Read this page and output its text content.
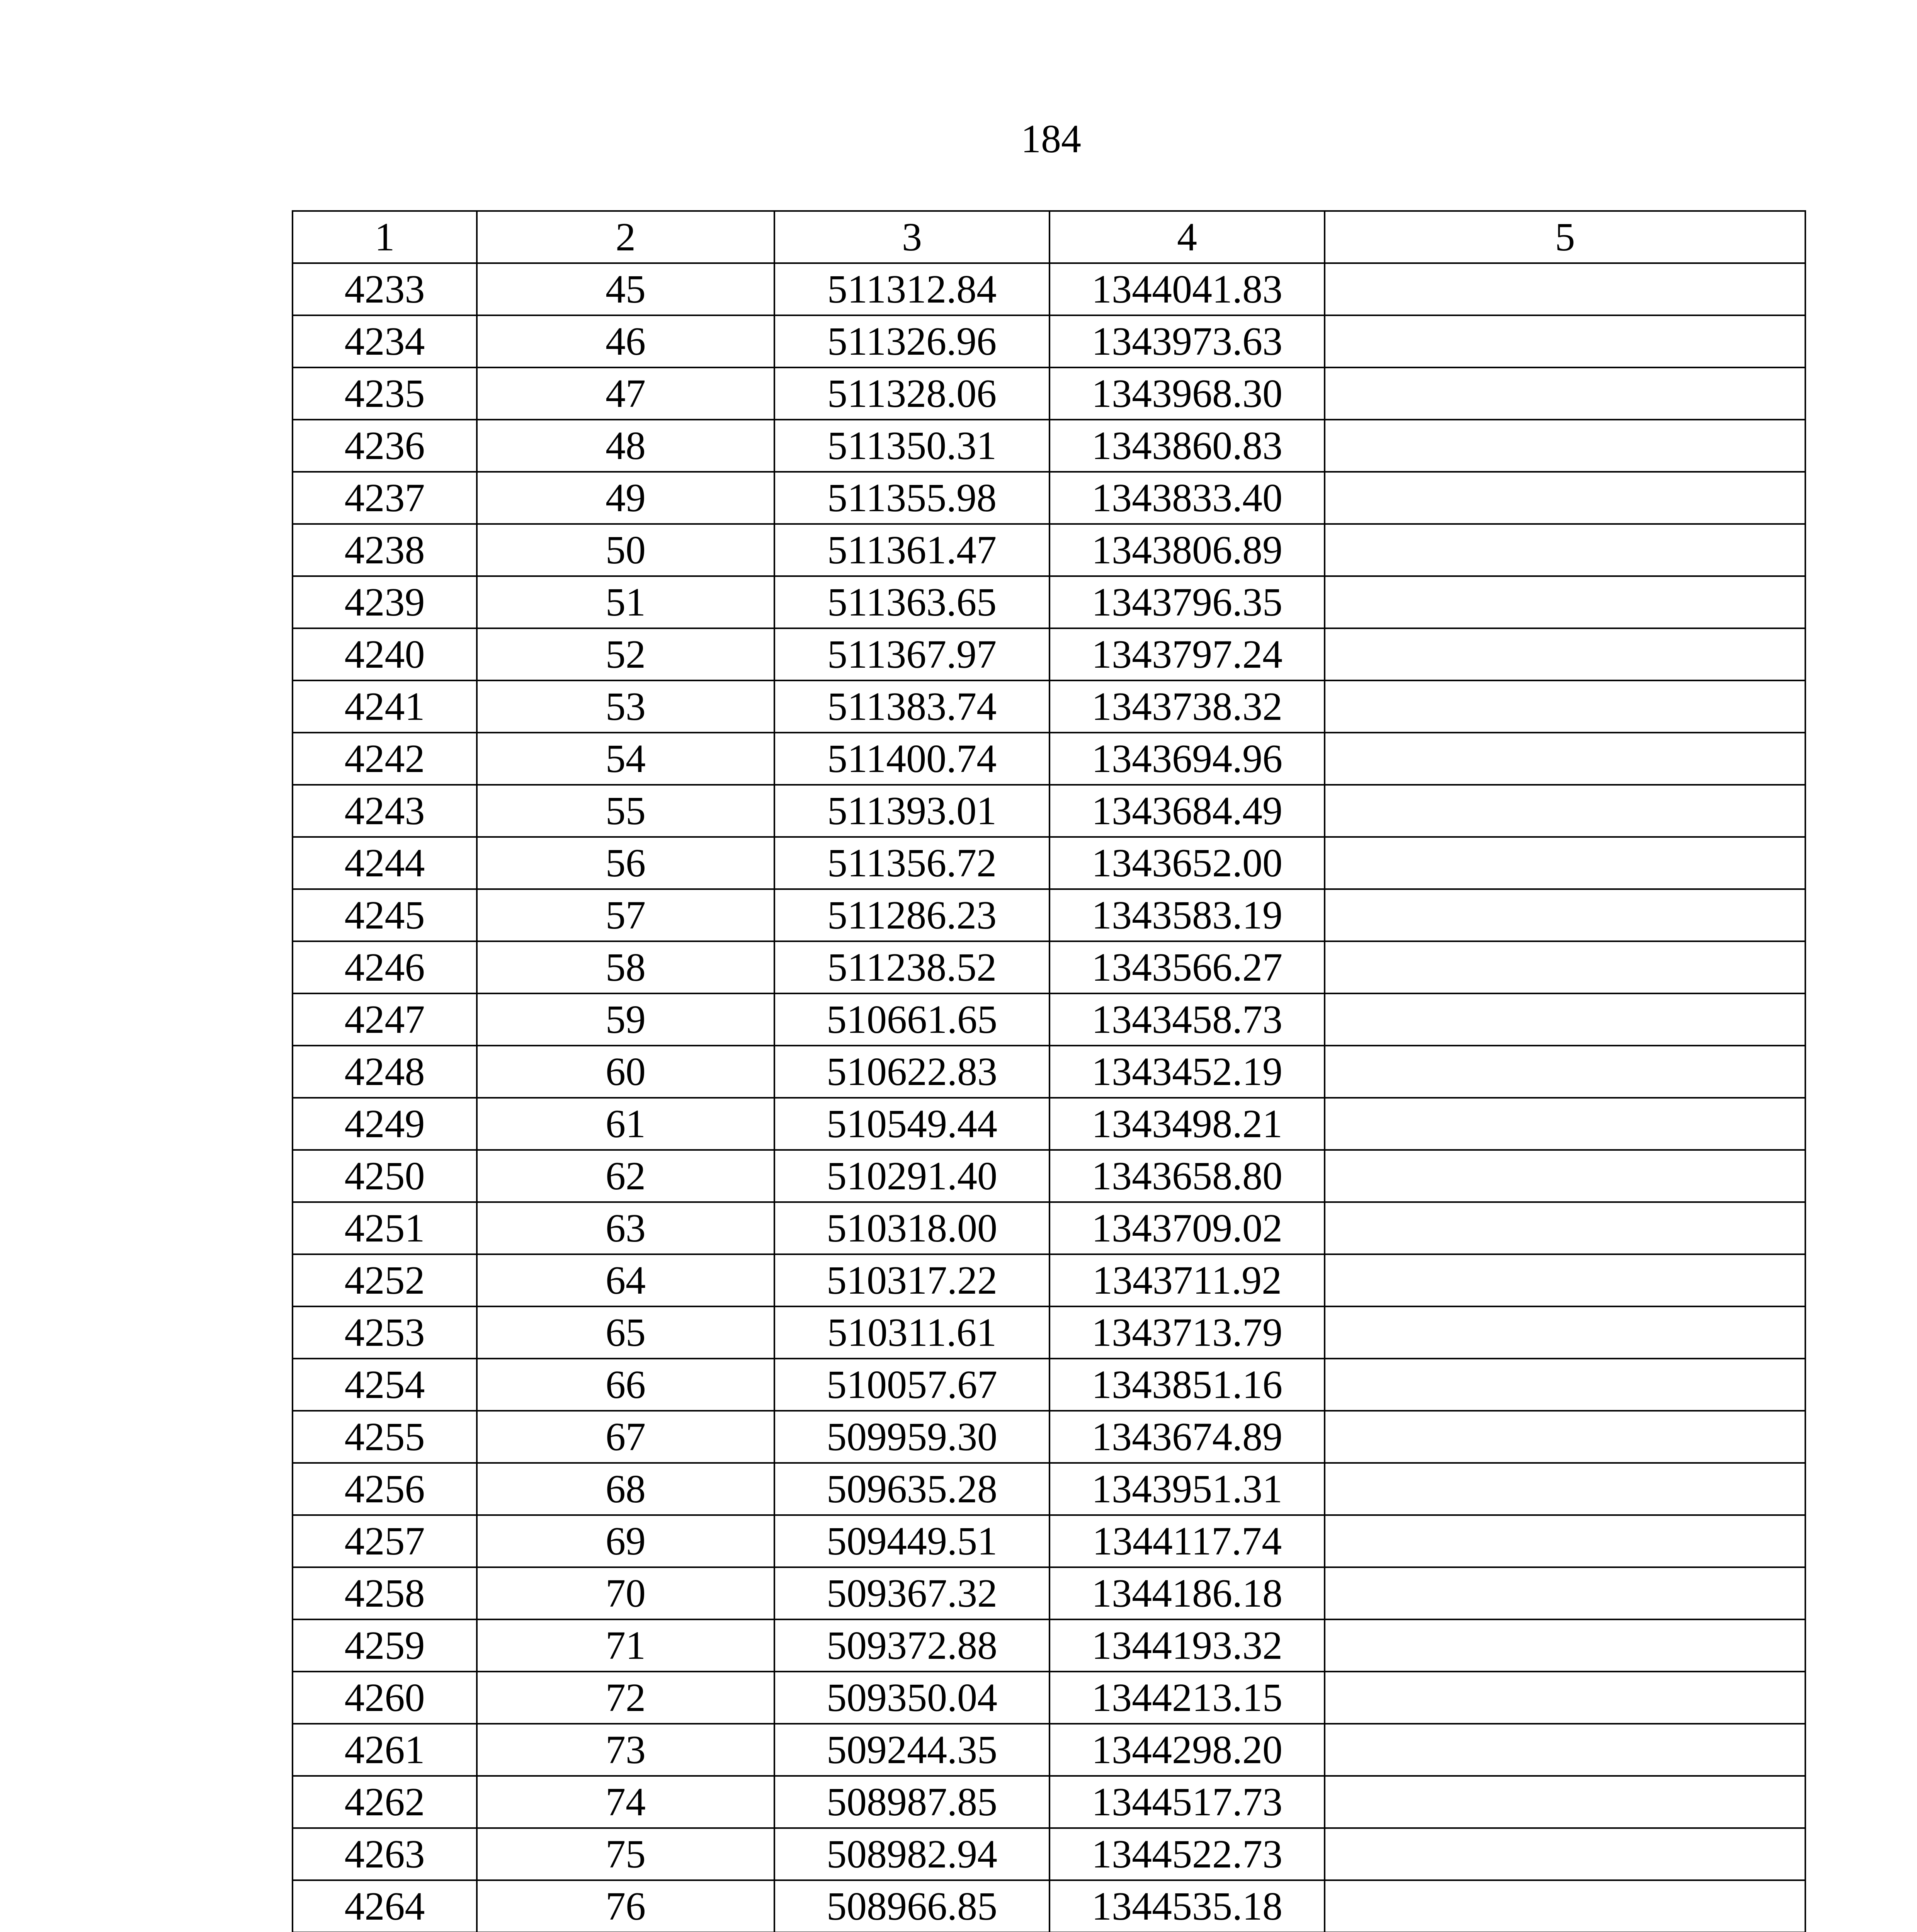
184
1	2	3	4	5
4233	45	511312.84	1344041.83	
4234	46	511326.96	1343973.63	
4235	47	511328.06	1343968.30	
4236	48	511350.31	1343860.83	
4237	49	511355.98	1343833.40	
4238	50	511361.47	1343806.89	
4239	51	511363.65	1343796.35	
4240	52	511367.97	1343797.24	
4241	53	511383.74	1343738.32	
4242	54	511400.74	1343694.96	
4243	55	511393.01	1343684.49	
4244	56	511356.72	1343652.00	
4245	57	511286.23	1343583.19	
4246	58	511238.52	1343566.27	
4247	59	510661.65	1343458.73	
4248	60	510622.83	1343452.19	
4249	61	510549.44	1343498.21	
4250	62	510291.40	1343658.80	
4251	63	510318.00	1343709.02	
4252	64	510317.22	1343711.92	
4253	65	510311.61	1343713.79	
4254	66	510057.67	1343851.16	
4255	67	509959.30	1343674.89	
4256	68	509635.28	1343951.31	
4257	69	509449.51	1344117.74	
4258	70	509367.32	1344186.18	
4259	71	509372.88	1344193.32	
4260	72	509350.04	1344213.15	
4261	73	509244.35	1344298.20	
4262	74	508987.85	1344517.73	
4263	75	508982.94	1344522.73	
4264	76	508966.85	1344535.18	
